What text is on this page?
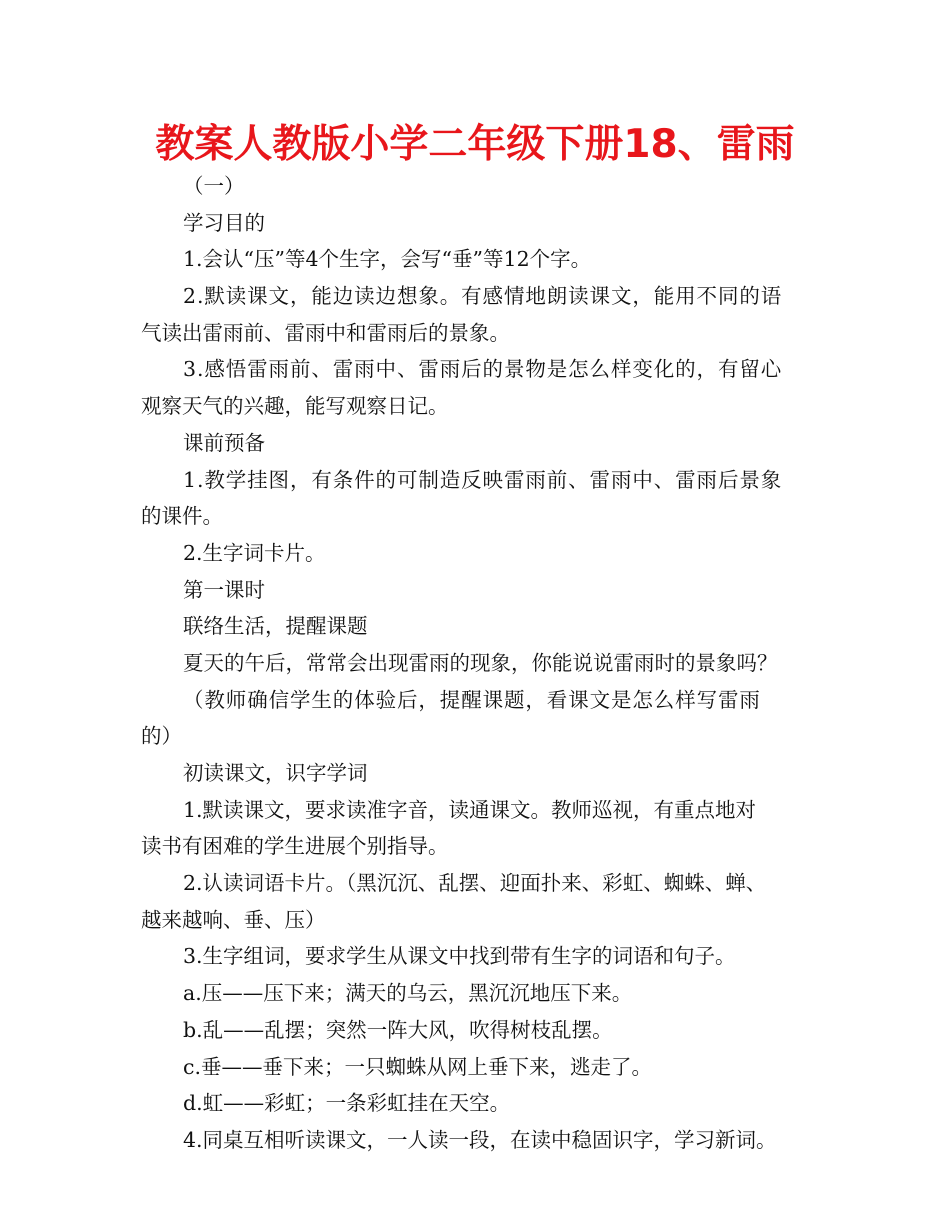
教案人教版小学二年级下册18、雷雨
（一）
学习目的
1.会认“压”等4个生字，会写“垂”等12个字。
2.默读课文，能边读边想象。有感情地朗读课文，能用不同的语
气读出雷雨前、雷雨中和雷雨后的景象。
3.感悟雷雨前、雷雨中、雷雨后的景物是怎么样变化的，有留心
观察天气的兴趣，能写观察日记。
课前预备
1.教学挂图，有条件的可制造反映雷雨前、雷雨中、雷雨后景象
的课件。
2.生字词卡片。
第一课时
联络生活，提醒课题
夏天的午后，常常会出现雷雨的现象，你能说说雷雨时的景象吗？
（教师确信学生的体验后，提醒课题，看课文是怎么样写雷雨
的）
初读课文，识字学词
1.默读课文，要求读准字音，读通课文。教师巡视，有重点地对
读书有困难的学生进展个别指导。
2.认读词语卡片。（黑沉沉、乱摆、迎面扑来、彩虹、蜘蛛、蝉、
越来越响、垂、压）
3.生字组词，要求学生从课文中找到带有生字的词语和句子。
a.压——压下来；满天的乌云，黑沉沉地压下来。
b.乱——乱摆；突然一阵大风，吹得树枝乱摆。
c.垂——垂下来；一只蜘蛛从网上垂下来，逃走了。
d.虹——彩虹；一条彩虹挂在天空。
4.同桌互相听读课文，一人读一段，在读中稳固识字，学习新词。
